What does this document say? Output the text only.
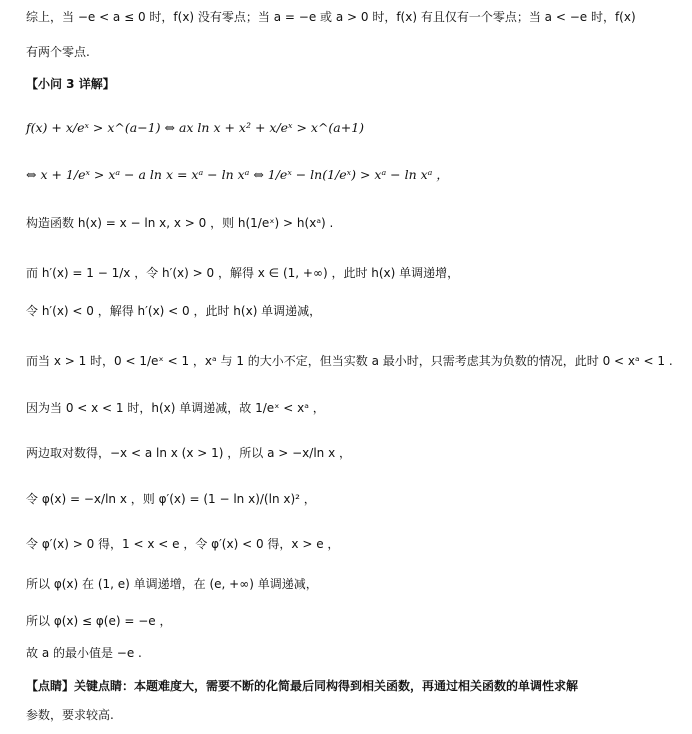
综上，当 −e < a ≤ 0 时，f(x) 没有零点；当 a = −e 或 a > 0 时，f(x) 有且仅有一个零点；当 a < −e 时，f(x)
有两个零点.
【小问 3 详解】
f(x) + x/eˣ > x^(a−1) ⇔ ax ln x + x² + x/eˣ > x^(a+1)
⇔ x + 1/eˣ > xᵃ − a ln x = xᵃ − ln xᵃ ⇔ 1/eˣ − ln(1/eˣ) > xᵃ − ln xᵃ ，
构造函数 h(x) = x − ln x, x > 0 ，则 h(1/eˣ) > h(xᵃ) .
而 h′(x) = 1 − 1/x ，令 h′(x) > 0 ，解得 x ∈ (1, +∞) ，此时 h(x) 单调递增，
令 h′(x) < 0 ，解得 h′(x) < 0 ，此时 h(x) 单调递减，
而当 x > 1 时，0 < 1/eˣ < 1 ，xᵃ 与 1 的大小不定，但当实数 a 最小时，只需考虑其为负数的情况，此时 0 < xᵃ < 1 .
因为当 0 < x < 1 时，h(x) 单调递减，故 1/eˣ < xᵃ ，
两边取对数得，−x < a ln x (x > 1) ，所以 a > −x/ln x ，
令 φ(x) = −x/ln x ，则 φ′(x) = (1 − ln x)/(ln x)² ，
令 φ′(x) > 0 得，1 < x < e ，令 φ′(x) < 0 得，x > e ，
所以 φ(x) 在 (1, e) 单调递增，在 (e, +∞) 单调递减，
所以 φ(x) ≤ φ(e) = −e ，
故 a 的最小值是 −e .
【点睛】关键点睛：本题难度大，需要不断的化简最后同构得到相关函数，再通过相关函数的单调性求解
参数，要求较高.
